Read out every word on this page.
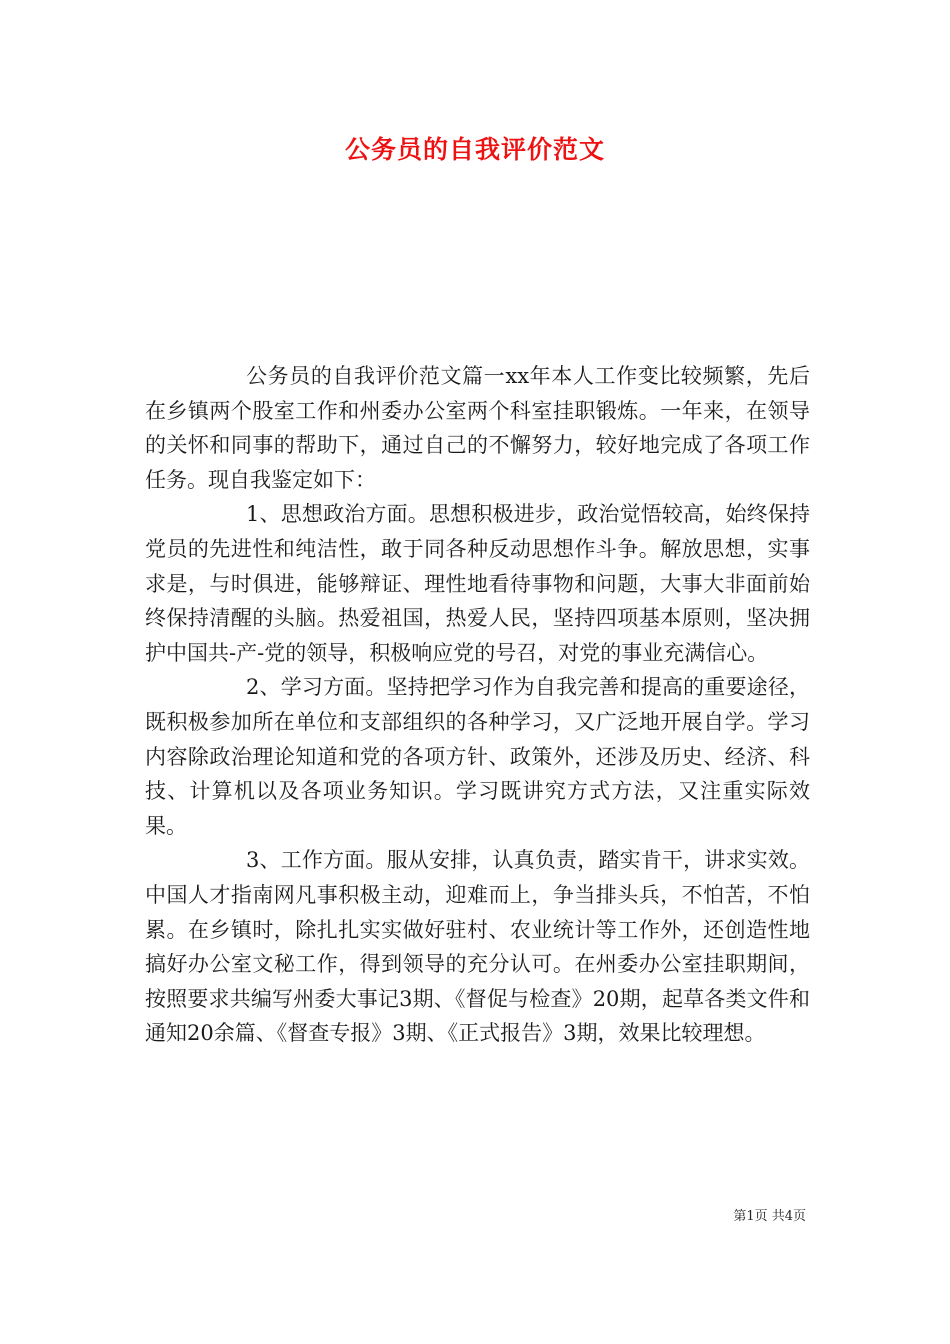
公务员的自我评价范文

公务员的自我评价范文篇一xx年本人工作变比较频繁，先后在乡镇两个股室工作和州委办公室两个科室挂职锻炼。一年来，在领导的关怀和同事的帮助下，通过自己的不懈努力，较好地完成了各项工作任务。现自我鉴定如下：

1、思想政治方面。思想积极进步，政治觉悟较高，始终保持党员的先进性和纯洁性，敢于同各种反动思想作斗争。解放思想，实事求是，与时俱进，能够辩证、理性地看待事物和问题，大事大非面前始终保持清醒的头脑。热爱祖国，热爱人民，坚持四项基本原则，坚决拥护中国共-产-党的领导，积极响应党的号召，对党的事业充满信心。

2、学习方面。坚持把学习作为自我完善和提高的重要途径，既积极参加所在单位和支部组织的各种学习，又广泛地开展自学。学习内容除政治理论知道和党的各项方针、政策外，还涉及历史、经济、科技、计算机以及各项业务知识。学习既讲究方式方法，又注重实际效果。

3、工作方面。服从安排，认真负责，踏实肯干，讲求实效。中国人才指南网凡事积极主动，迎难而上，争当排头兵，不怕苦，不怕累。在乡镇时，除扎扎实实做好驻村、农业统计等工作外，还创造性地搞好办公室文秘工作，得到领导的充分认可。在州委办公室挂职期间，按照要求共编写州委大事记3期、《督促与检查》20期，起草各类文件和通知20余篇、《督查专报》3期、《正式报告》3期，效果比较理想。

第1页 共4页
